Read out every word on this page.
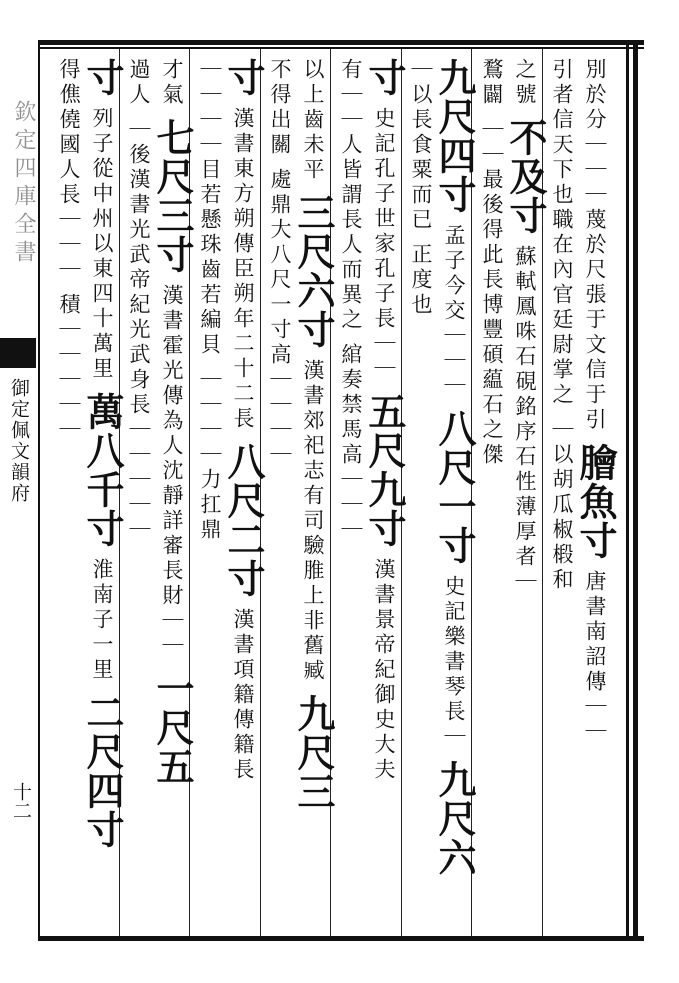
欽定四庫全書
御定佩文韻府
十二
別於分｜｜｜蔑於尺張于文信于引膾魚寸唐書南詔傳｜｜
引者信天下也職在內官廷尉掌之｜以胡瓜椒椴和
之號不及寸蘇軾鳳咮石硯銘序石性薄厚者｜
鶩闢｜｜最後得此長博豐碩藴石之傑
九尺四寸孟子今交｜｜｜八尺一寸史記樂書琴長｜九尺六
｜以長食粟而已正度也
寸史記孔子世家孔子長｜｜五尺九寸漢書景帝紀御史大夫
有｜｜人皆謂長人而異之綰奏禁馬高｜｜｜
以上齒未平三尺六寸漢書郊祀志有司驗脽上非舊臧九尺三
不得出關處鼎大八尺一寸高｜｜｜｜
寸漢書東方朔傳臣朔年二十二長八尺二寸漢書項籍傳籍長
｜｜｜｜目若懸珠齒若編貝｜｜｜｜力扛鼎
才氣七尺三寸漢書霍光傳為人沈靜詳審長財｜｜一尺五
過人｜後漢書光武帝紀光武身長｜｜｜｜｜
寸列子從中州以東四十萬里萬八千寸淮南子一里二尺四寸
得僬僥國人長｜｜｜積｜｜｜｜｜
